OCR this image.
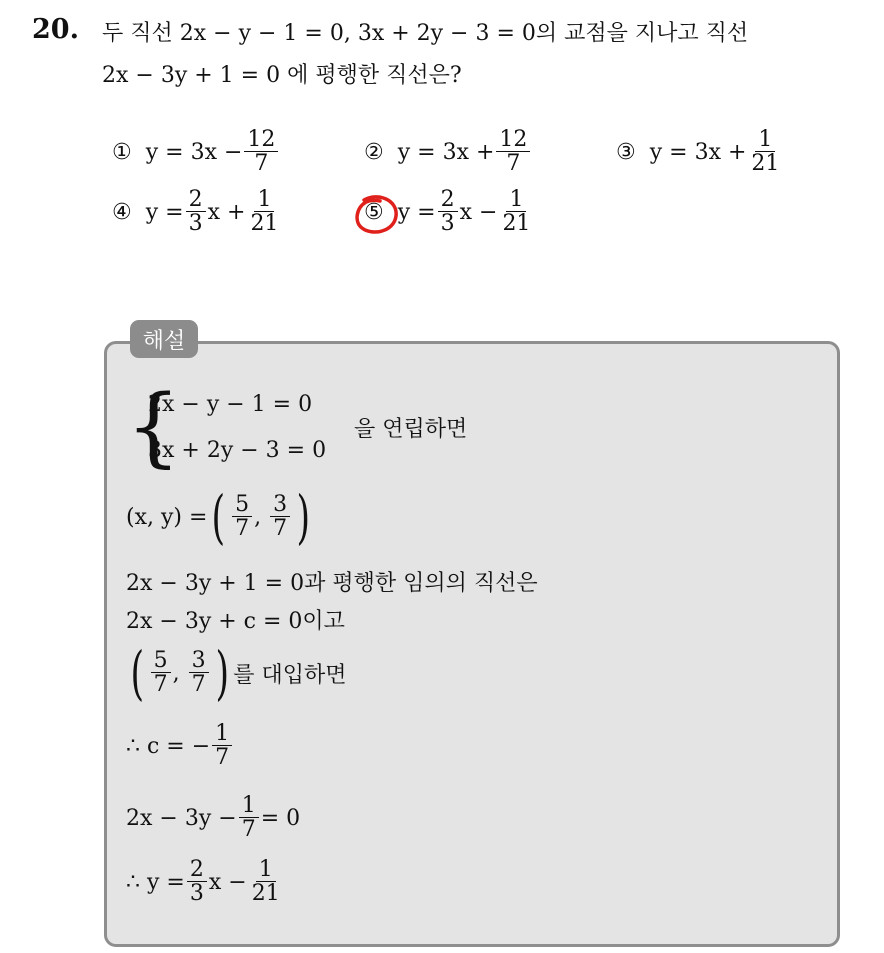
20. 두 직선 2x − y − 1 = 0, 3x + 2y − 3 = 0의 교점을 지나고 직선
2x − 3y + 1 = 0 에 평행한 직선은?
① $y = 3x - \frac{12}{7}$	② $y = 3x + \frac{12}{7}$	③ $y = 3x + \frac{1}{21}$
④ $y = \frac{2}{3}$ $x + \frac{1}{21}$	⑤ $y = \frac{2}{3}$ $x - \frac{1}{21}$
해설
{
2x − y − 1 = 0
3x + 2y − 3 = 0
을 연립하면
(x, y) = ( $\frac{5}{7}$ , $\frac{3}{7}$ )
2x − 3y + 1 = 0과 평행한 임의의 직선은
2x − 3y + c = 0이고
( $\frac{5}{7}$ , $\frac{3}{7}$ ) 를 대입하면
∴ c = − $\frac{1}{7}$
$2x - 3y - \frac{1}{7} = 0$
∴ $y = \frac{2}{3}$ $x - \frac{1}{21}$
